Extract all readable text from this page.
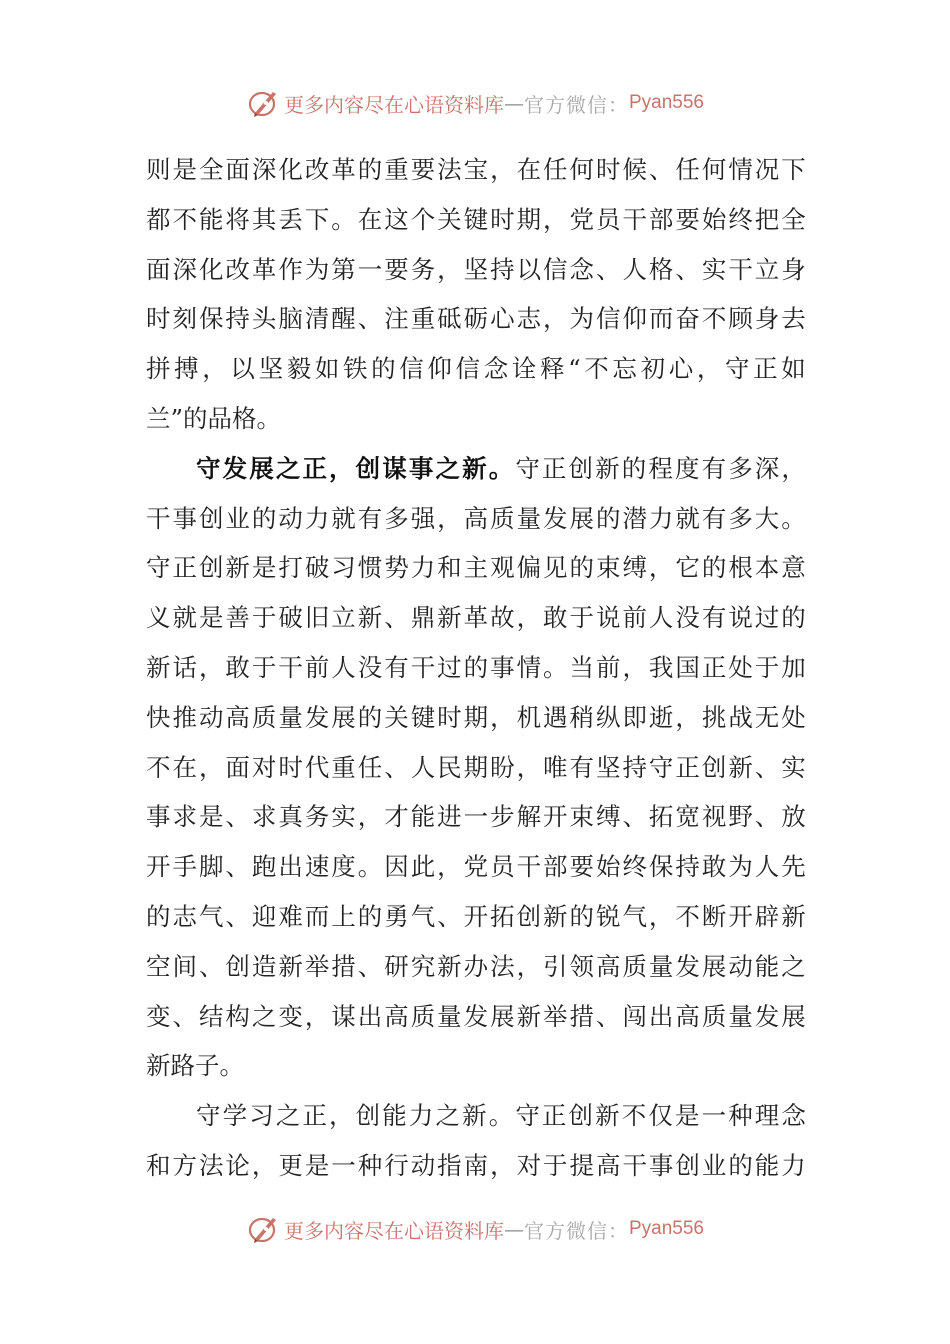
更多内容尽在心语资料库 — 官方微信： Pyan556
则 是 全 面 深 化 改 革 的 重 要 法 宝 ， 在 任 何 时 候 、 任 何 情 况 下
都 不 能 将 其 丢 下 。 在 这 个 关 键 时 期 ， 党 员 干 部 要 始 终 把 全
面 深 化 改 革 作 为 第 一 要 务 ， 坚 持 以 信 念 、 人 格 、 实 干 立 身
时 刻 保 持 头 脑 清 醒 、 注 重 砥 砺 心 志 ， 为 信 仰 而 奋 不 顾 身 去
拼 搏 ， 以 坚 毅 如 铁 的 信 仰 信 念 诠 释 “ 不 忘 初 心 ， 守 正 如
兰 ” 的 品 格 。
守 发 展 之 正 ， 创 谋 事 之 新 。 守 正 创 新 的 程 度 有 多 深 ，
干 事 创 业 的 动 力 就 有 多 强 ， 高 质 量 发 展 的 潜 力 就 有 多 大 。
守 正 创 新 是 打 破 习 惯 势 力 和 主 观 偏 见 的 束 缚 ， 它 的 根 本 意
义 就 是 善 于 破 旧 立 新 、 鼎 新 革 故 ， 敢 于 说 前 人 没 有 说 过 的
新 话 ， 敢 于 干 前 人 没 有 干 过 的 事 情 。 当 前 ， 我 国 正 处 于 加
快 推 动 高 质 量 发 展 的 关 键 时 期 ， 机 遇 稍 纵 即 逝 ， 挑 战 无 处
不 在 ， 面 对 时 代 重 任 、 人 民 期 盼 ， 唯 有 坚 持 守 正 创 新 、 实
事 求 是 、 求 真 务 实 ， 才 能 进 一 步 解 开 束 缚 、 拓 宽 视 野 、 放
开 手 脚 、 跑 出 速 度 。 因 此 ， 党 员 干 部 要 始 终 保 持 敢 为 人 先
的 志 气 、 迎 难 而 上 的 勇 气 、 开 拓 创 新 的 锐 气 ， 不 断 开 辟 新
空 间 、 创 造 新 举 措 、 研 究 新 办 法 ， 引 领 高 质 量 发 展 动 能 之
变 、 结 构 之 变 ， 谋 出 高 质 量 发 展 新 举 措 、 闯 出 高 质 量 发 展
新 路 子 。
守 学 习 之 正 ， 创 能 力 之 新 。 守 正 创 新 不 仅 是 一 种 理 念
和 方 法 论 ， 更 是 一 种 行 动 指 南 ， 对 于 提 高 干 事 创 业 的 能 力
更多内容尽在心语资料库 — 官方微信： Pyan556
